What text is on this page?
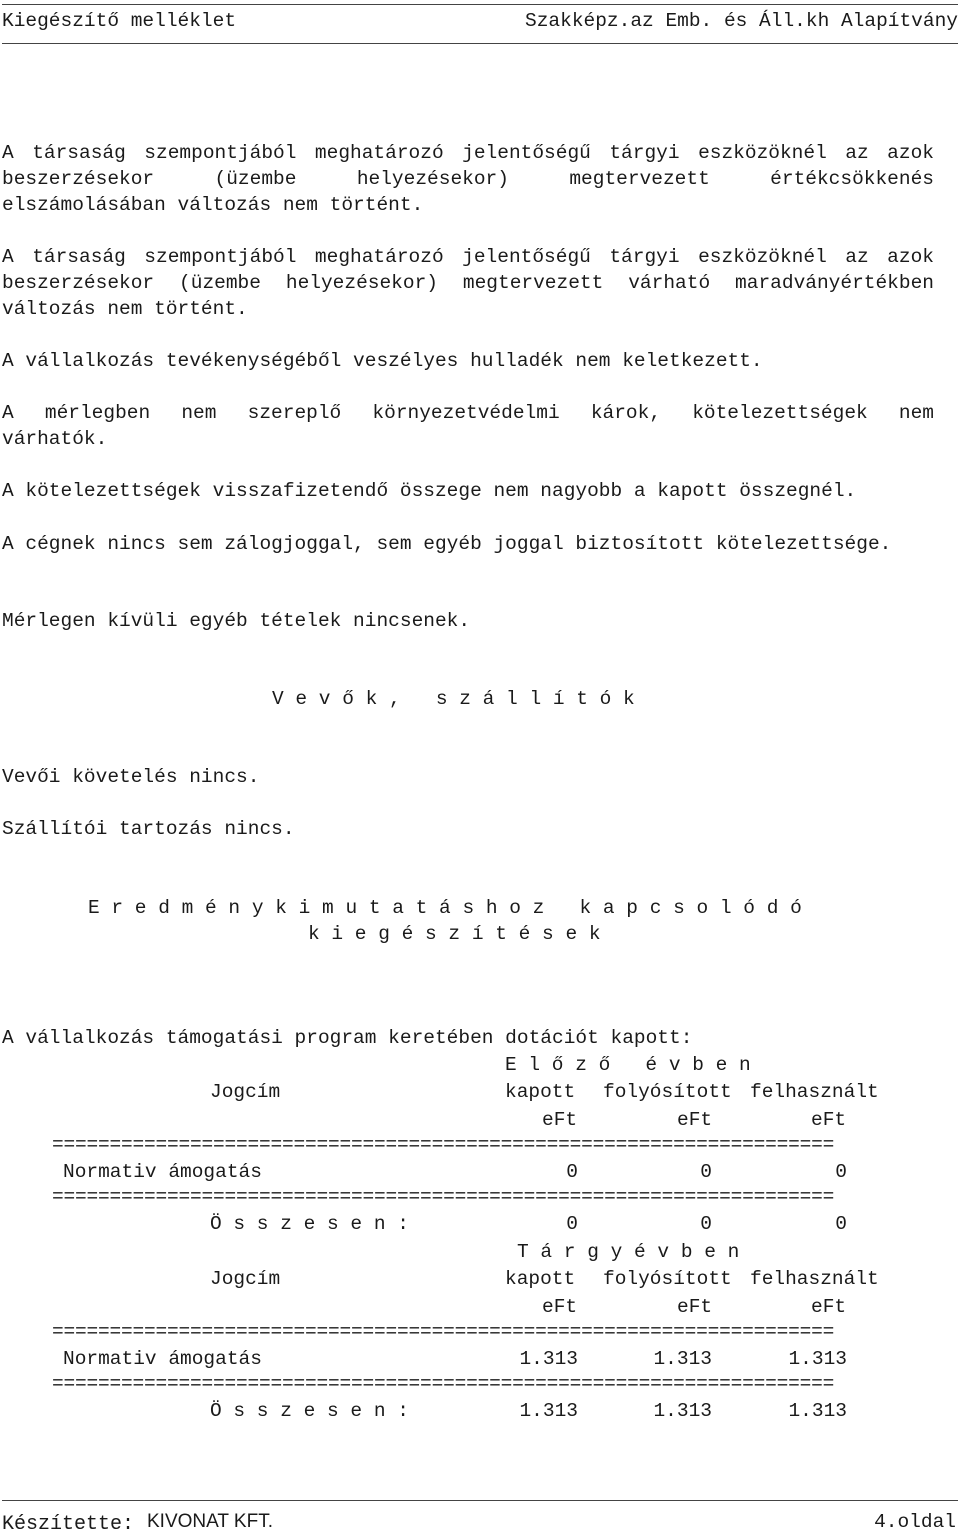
Kiegészítő melléklet	Szakképz.az Emb. és Áll.kh Alapítvány
A társaság szempontjából meghatározó jelentőségű tárgyi eszközöknél az azok
beszerzésekor (üzembe helyezésekor) megtervezett értékcsökkenés
elszámolásában változás nem történt.
A társaság szempontjából meghatározó jelentőségű tárgyi eszközöknél az azok
beszerzésekor (üzembe helyezésekor) megtervezett várható maradványértékben
változás nem történt.
A vállalkozás tevékenységéből veszélyes hulladék nem keletkezett.
A mérlegben nem szereplő környezetvédelmi károk, kötelezettségek nem
várhatók.
A kötelezettségek visszafizetendő összege nem nagyobb a kapott összegnél.
A cégnek nincs sem zálogjoggal, sem egyéb joggal biztosított kötelezettsége.
Mérlegen kívüli egyéb tételek nincsenek.
V e v ő k ,   s z á l l í t ó k
Vevői követelés nincs.
Szállítói tartozás nincs.
E r e d m é n y k i m u t a t á s h o z   k a p c s o l ó d ó
k i e g é s z í t é s e k
A vállalkozás támogatási program keretében dotációt kapott:
E l ő z ő   é v b e n
Jogcím	kapott folyósított felhasznált
eFt	eFt	eFt
====================================================================
Normativ ámogatás	0	0	0
====================================================================
Ö s s z e s e n :	0	0	0
T á r g y é v b e n
Jogcím	kapott folyósított felhasznált
eFt	eFt	eFt
====================================================================
Normativ ámogatás	1.313	1.313	1.313
====================================================================
Ö s s z e s e n :	1.313	1.313	1.313
Készítette: KIVONAT KFT.	4.oldal
